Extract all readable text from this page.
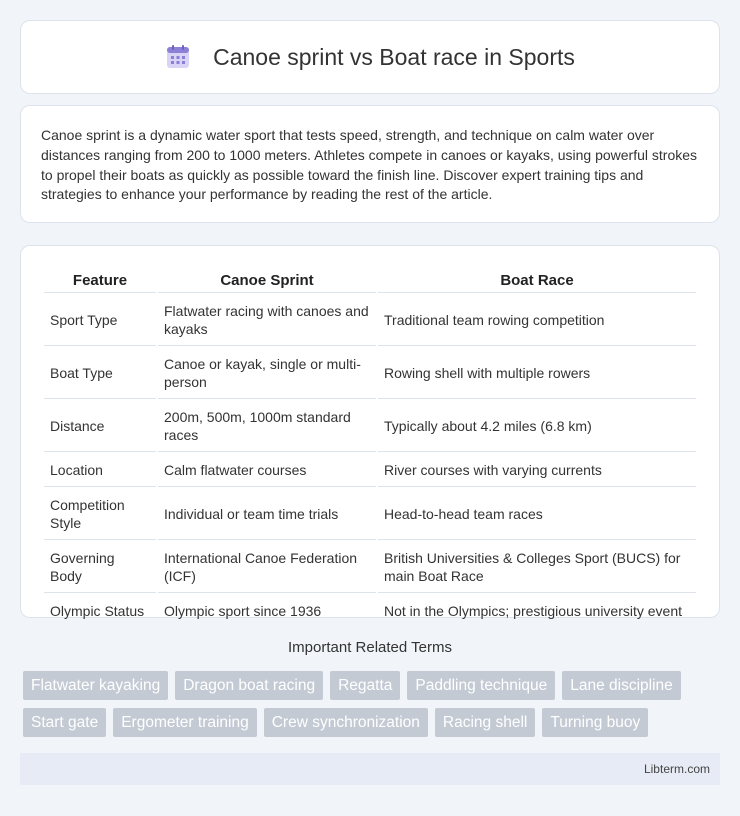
Canoe sprint vs Boat race in Sports

Canoe sprint is a dynamic water sport that tests speed, strength, and technique on calm water over distances ranging from 200 to 1000 meters. Athletes compete in canoes or kayaks, using powerful strokes to propel their boats as quickly as possible toward the finish line. Discover expert training tips and strategies to enhance your performance by reading the rest of the article.

Feature	Canoe Sprint	Boat Race
Sport Type	Flatwater racing with canoes and kayaks	Traditional team rowing competition
Boat Type	Canoe or kayak, single or multi-person	Rowing shell with multiple rowers
Distance	200m, 500m, 1000m standard races	Typically about 4.2 miles (6.8 km)
Location	Calm flatwater courses	River courses with varying currents
Competition Style	Individual or team time trials	Head-to-head team races
Governing Body	International Canoe Federation (ICF)	British Universities & Colleges Sport (BUCS) for main Boat Race
Olympic Status	Olympic sport since 1936	Not in the Olympics; prestigious university event
Important Related Terms
Flatwater kayaking	Dragon boat racing	Regatta	Paddling technique	Lane discipline
Start gate	Ergometer training	Crew synchronization	Racing shell	Turning buoy
Libterm.com
